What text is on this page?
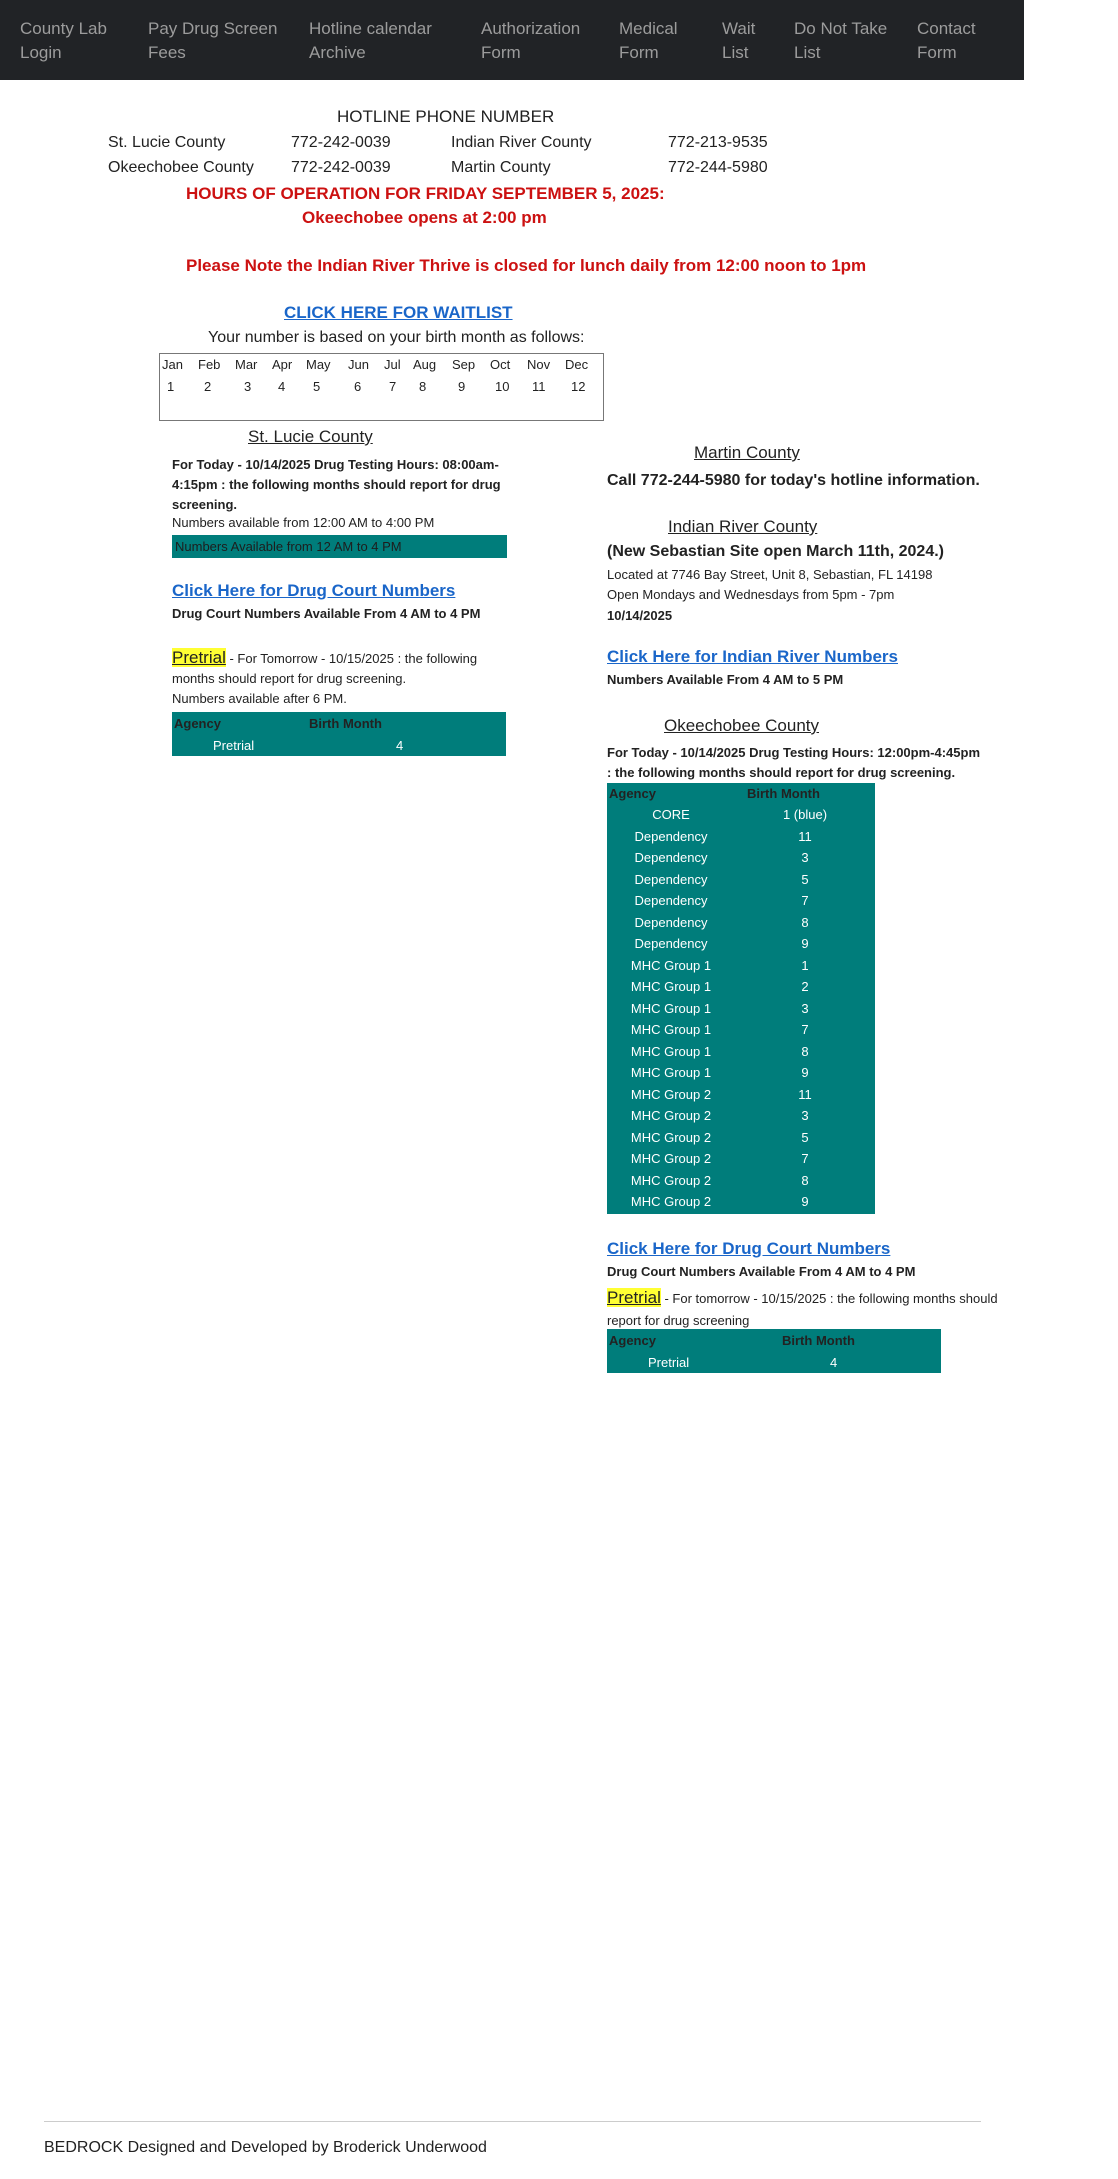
County Lab
Login
Pay Drug Screen
Fees
Hotline calendar
Archive
Authorization
Form
Medical
Form
Wait
List
Do Not Take
List
Contact
Form
HOTLINE PHONE NUMBER
St. Lucie County	772-242-0039	Indian River County	772-213-9535
Okeechobee County 772-242-0039	Martin County	772-244-5980
HOURS OF OPERATION FOR FRIDAY SEPTEMBER 5, 2025:
Okeechobee opens at 2:00 pm
Please Note the Indian River Thrive is closed for lunch daily from 12:00 noon to 1pm
CLICK HERE FOR WAITLIST
Your number is based on your birth month as follows:
Jan Feb Mar Apr May Jun Jul Aug Sep Oct Nov Dec
1 2	3 4 5	6 7 8 9 10 11 12
St. Lucie County
For Today - 10/14/2025 Drug Testing Hours: 08:00am-
4:15pm : the following months should report for drug
screening.
Numbers available from 12:00 AM to 4:00 PM
Numbers Available from 12 AM to 4 PM
Click Here for Drug Court Numbers
Drug Court Numbers Available From 4 AM to 4 PM
Pretrial - For Tomorrow - 10/15/2025 : the following
months should report for drug screening.
Numbers available after 6 PM.
Agency	Birth Month
Pretrial	4
Martin County
Call 772-244-5980 for today's hotline information.
Indian River County
(New Sebastian Site open March 11th, 2024.)
Located at 7746 Bay Street, Unit 8, Sebastian, FL 14198
Open Mondays and Wednesdays from 5pm - 7pm
10/14/2025
Click Here for Indian River Numbers
Numbers Available From 4 AM to 5 PM
Okeechobee County
For Today - 10/14/2025 Drug Testing Hours: 12:00pm-4:45pm
: the following months should report for drug screening.
Agency	Birth Month
CORE	1 (blue)
Dependency	11
Dependency	3
Dependency	5
Dependency	7
Dependency	8
Dependency	9
MHC Group 1	1
MHC Group 1	2
MHC Group 1	3
MHC Group 1	7
MHC Group 1	8
MHC Group 1	9
MHC Group 2	11
MHC Group 2	3
MHC Group 2	5
MHC Group 2	7
MHC Group 2	8
MHC Group 2	9
Click Here for Drug Court Numbers
Drug Court Numbers Available From 4 AM to 4 PM
Pretrial - For tomorrow - 10/15/2025 : the following months should
report for drug screening
Agency	Birth Month
Pretrial	4
BEDROCK Designed and Developed by Broderick Underwood
